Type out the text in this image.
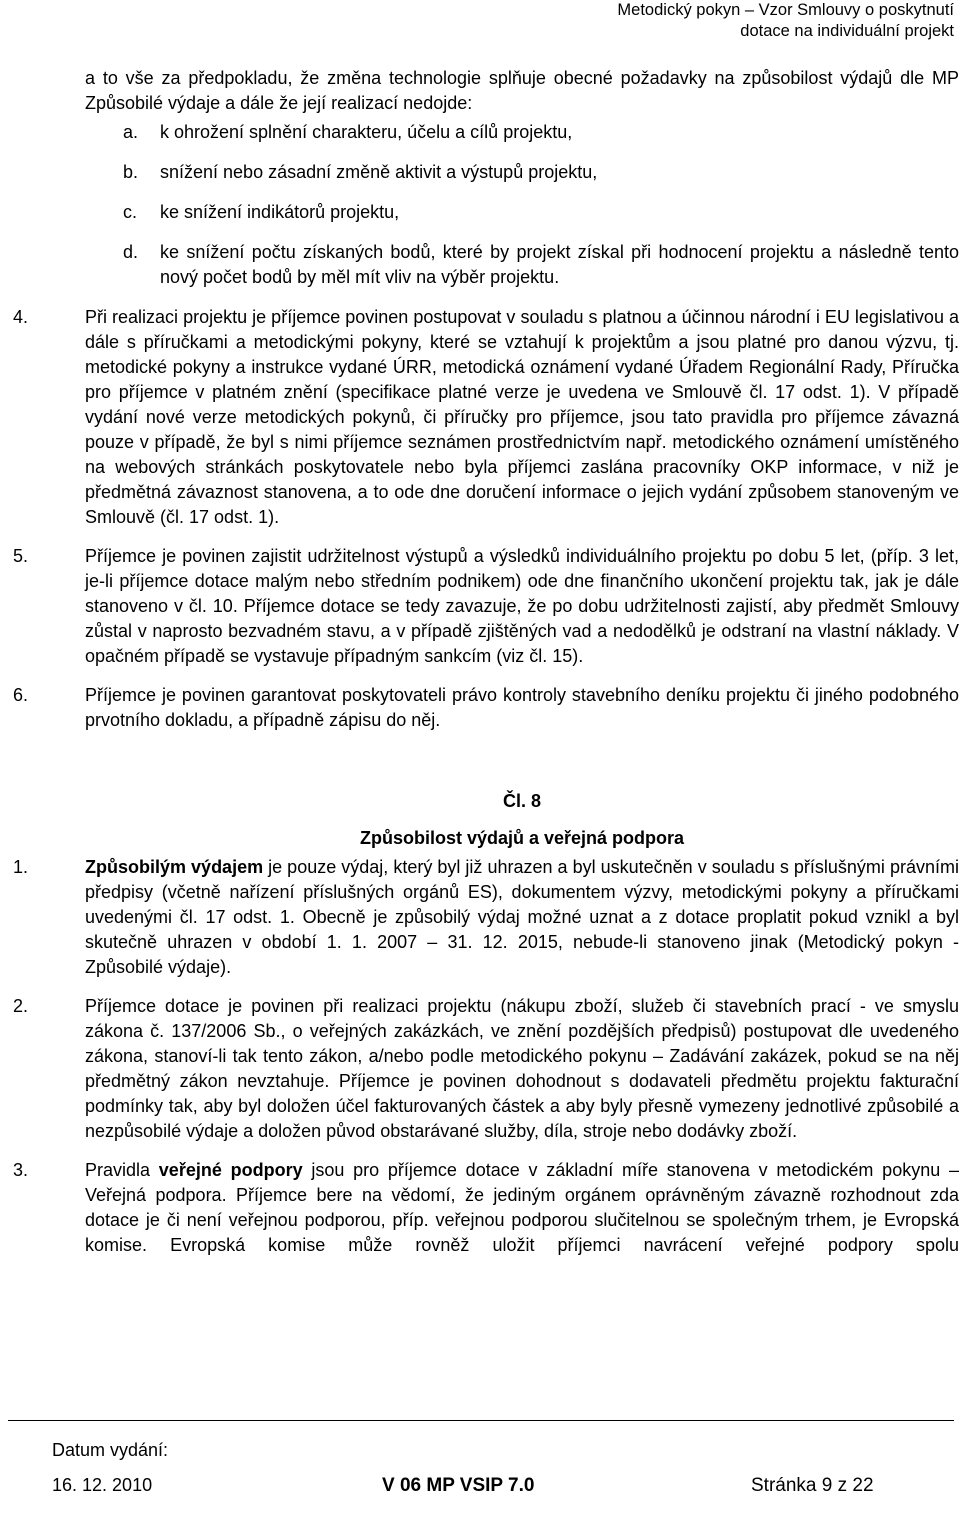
Metodický pokyn – Vzor Smlouvy o poskytnutí
dotace na individuální projekt

a to vše za předpokladu, že změna technologie splňuje obecné požadavky na způsobilost výdajů dle MP Způsobilé výdaje a dále že její realizací nedojde:

a. k ohrožení splnění charakteru, účelu a cílů projektu,
b. snížení nebo zásadní změně aktivit a výstupů projektu,
c. ke snížení indikátorů projektu,
d. ke snížení počtu získaných bodů, které by projekt získal při hodnocení projektu a následně tento nový počet bodů by měl mít vliv na výběr projektu.
4.	Při realizaci projektu je příjemce povinen postupovat v souladu s platnou a účinnou národní i EU legislativou a dále s příručkami a metodickými pokyny, které se vztahují k projektům a jsou platné pro danou výzvu, tj. metodické pokyny a instrukce vydané ÚRR, metodická oznámení vydané Úřadem Regionální Rady, Příručka pro příjemce v platném znění (specifikace platné verze je uvedena ve Smlouvě čl. 17 odst. 1). V případě vydání nové verze metodických pokynů, či příručky pro příjemce, jsou tato pravidla pro příjemce závazná pouze v případě, že byl s nimi příjemce seznámen prostřednictvím např. metodického oznámení umístěného na webových stránkách poskytovatele nebo byla příjemci zaslána pracovníky OKP informace, v niž je předmětná závaznost stanovena, a to ode dne doručení informace o jejich vydání způsobem stanoveným ve Smlouvě (čl. 17 odst. 1).

5.	Příjemce je povinen zajistit udržitelnost výstupů a výsledků individuálního projektu po dobu 5 let, (příp. 3 let, je-li příjemce dotace malým nebo středním podnikem) ode dne finančního ukončení projektu tak, jak je dále stanoveno v čl. 10. Příjemce dotace se tedy zavazuje, že po dobu udržitelnosti zajistí, aby předmět Smlouvy zůstal v naprosto bezvadném stavu, a v případě zjištěných vad a nedodělků je odstraní na vlastní náklady. V opačném případě se vystavuje případným sankcím (viz čl. 15).

6.	Příjemce je povinen garantovat poskytovateli právo kontroly stavebního deníku projektu či jiného podobného prvotního dokladu, a případně zápisu do něj.

Čl. 8
Způsobilost výdajů a veřejná podpora
1.	Způsobilým výdajem je pouze výdaj, který byl již uhrazen a byl uskutečněn v souladu s příslušnými právními předpisy (včetně nařízení příslušných orgánů ES), dokumentem výzvy, metodickými pokyny a příručkami uvedenými čl. 17 odst. 1. Obecně je způsobilý výdaj možné uznat a z dotace proplatit pokud vznikl a byl skutečně uhrazen v období 1. 1. 2007 – 31. 12. 2015, nebude-li stanoveno jinak (Metodický pokyn - Způsobilé výdaje).

2.	Příjemce dotace je povinen při realizaci projektu (nákupu zboží, služeb či stavebních prací - ve smyslu zákona č. 137/2006 Sb., o veřejných zakázkách, ve znění pozdějších předpisů) postupovat dle uvedeného zákona, stanoví-li tak tento zákon, a/nebo podle metodického pokynu – Zadávání zakázek, pokud se na něj předmětný zákon nevztahuje. Příjemce je povinen dohodnout s dodavateli předmětu projektu fakturační podmínky tak, aby byl doložen účel fakturovaných částek a aby byly přesně vymezeny jednotlivé způsobilé a nezpůsobilé výdaje a doložen původ obstarávané služby, díla, stroje nebo dodávky zboží.

3.	Pravidla veřejné podpory jsou pro příjemce dotace v základní míře stanovena v metodickém pokynu – Veřejná podpora. Příjemce bere na vědomí, že jediným orgánem oprávněným závazně rozhodnout zda dotace je či není veřejnou podporou, příp. veřejnou podporou slučitelnou se společným trhem, je Evropská komise. Evropská komise může rovněž uložit příjemci navrácení veřejné podpory spolu

Datum vydání:
16. 12. 2010	V 06 MP VSIP 7.0	Stránka 9 z 22
